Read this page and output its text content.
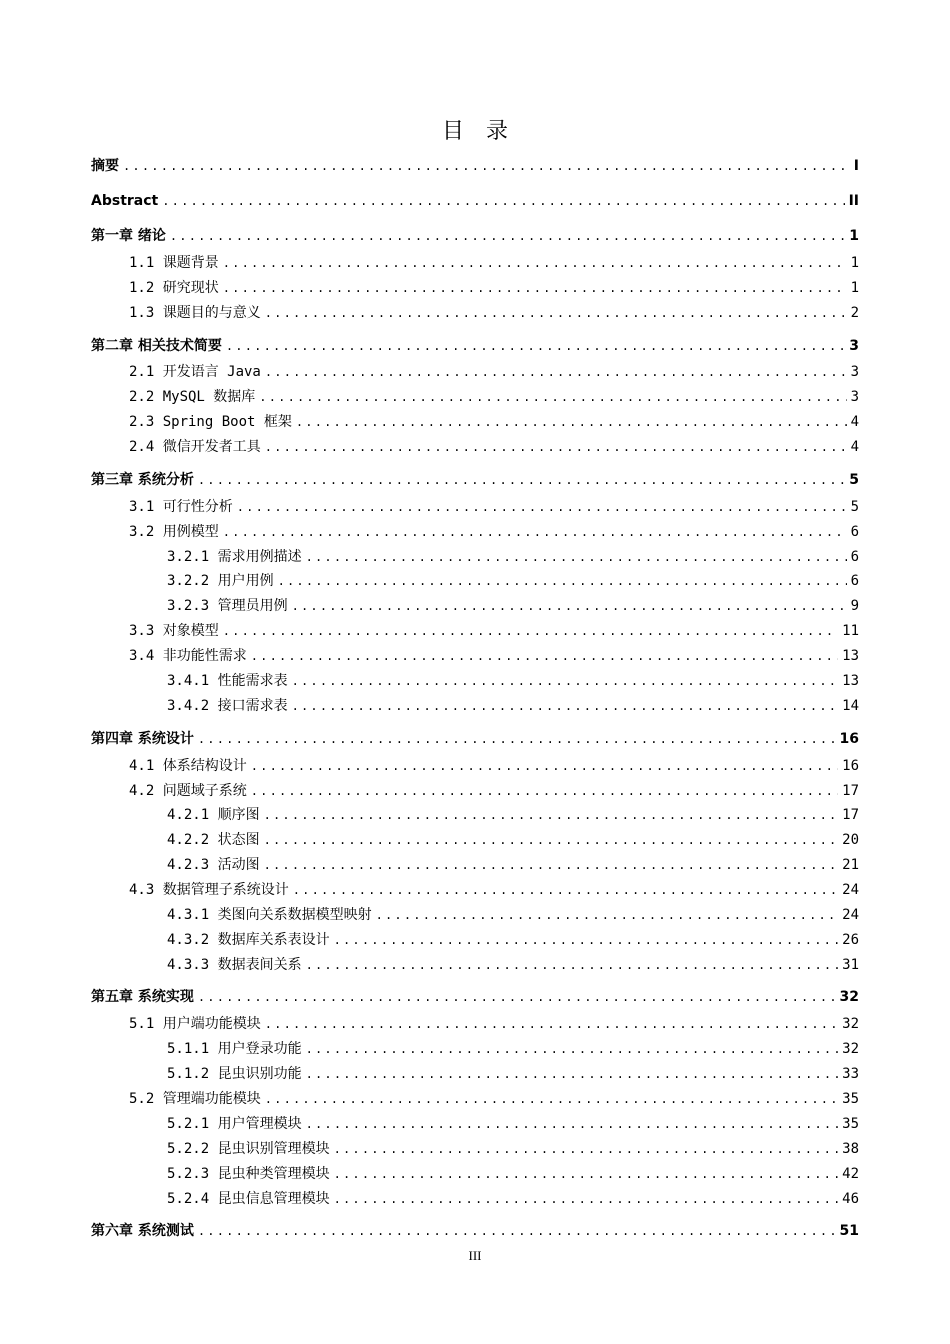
目录
摘要 .....	I
Abstract .....	II
第一章 绪论 .....	1
1.1 课题背景 .....	1
1.2 研究现状 .....	1
1.3 课题目的与意义 .....	2
第二章 相关技术简要 .....	3
2.1 开发语言 Java .....	3
2.2 MySQL 数据库 .....	3
2.3 Spring Boot 框架 .....	4
2.4 微信开发者工具 .....	4
第三章 系统分析 .....	5
3.1 可行性分析 .....	5
3.2 用例模型 .....	6
3.2.1 需求用例描述 .....	6
3.2.2 用户用例 .....	6
3.2.3 管理员用例 .....	9
3.3 对象模型 .....	11
3.4 非功能性需求 .....	13
3.4.1 性能需求表 .....	13
3.4.2 接口需求表 .....	14
第四章 系统设计 .....	16
4.1 体系结构设计 .....	16
4.2 问题域子系统 .....	17
4.2.1 顺序图 .....	17
4.2.2 状态图 .....	20
4.2.3 活动图 .....	21
4.3 数据管理子系统设计 .....	24
4.3.1 类图向关系数据模型映射 .....	24
4.3.2 数据库关系表设计 .....	26
4.3.3 数据表间关系 .....	31
第五章 系统实现 .....	32
5.1 用户端功能模块 .....	32
5.1.1 用户登录功能 .....	32
5.1.2 昆虫识别功能 .....	33
5.2 管理端功能模块 .....	35
5.2.1 用户管理模块 .....	35
5.2.2 昆虫识别管理模块 .....	38
5.2.3 昆虫种类管理模块 .....	42
5.2.4 昆虫信息管理模块 .....	46
第六章 系统测试 .....	51
III
